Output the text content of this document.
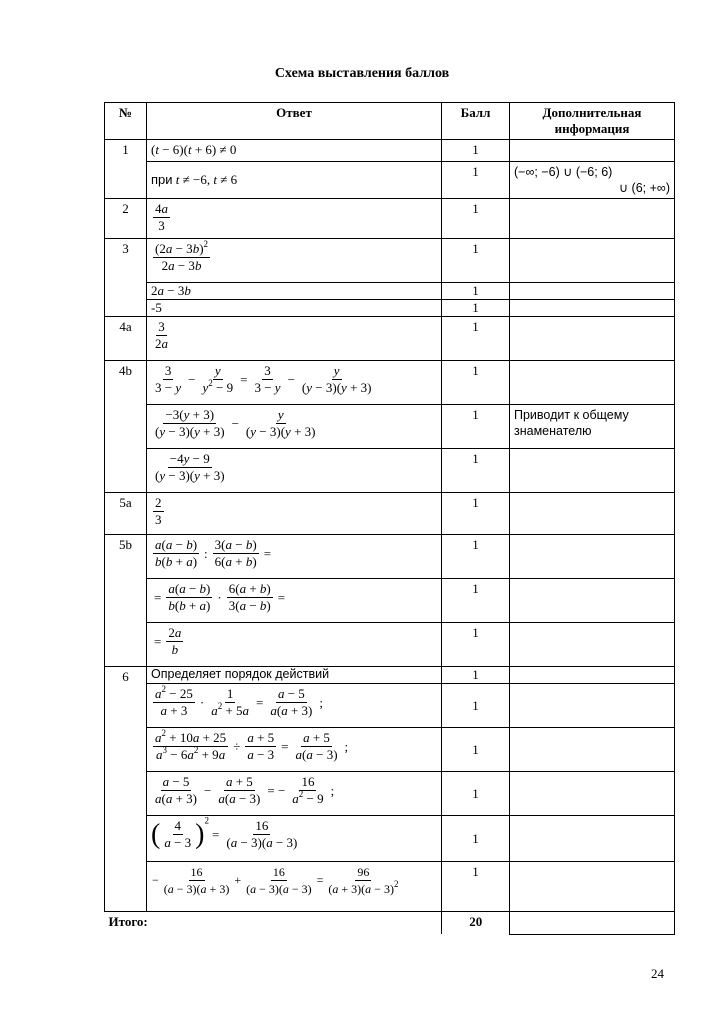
Схема выставления баллов
№	Ответ	Балл	Дополнительная информация
1	(t − 6)(t + 6) ≠ 0	1	
при t ≠ −6, t ≠ 6	1	(−∞; −6) ∪ (−6; 6)
∪ (6; +∞)

2	$\frac{4a}{3}$	1	
3	$\frac{(2a - 3b)^2}{2a - 3b}$	1	
2a − 3b	1	
-5	1	
4a	$\frac{3}{2a}$	1	
4b	$\frac{3}{3 - y} - \frac{y}{y^2 - 9} = \frac{3}{3 - y} - \frac{y}{(y - 3)(y + 3)}$	1	

$\frac{-3(y + 3)}{(y - 3)(y + 3)} - \frac{y}{(y - 3)(y + 3)}$	1	Приводит к общему знаменателю

$\frac{-4y - 9}{(y - 3)(y + 3)}$	1	
5a	$\frac{2}{3}$	1	
5b	$\frac{a(a - b)}{b(b + a)}$ : $\frac{3(a - b)}{6(a + b)}$ =	1	
= $\frac{a(a - b)}{b(b + a)} \cdot \frac{6(a + b)}{3(a - b)}$ =	1	
= $\frac{2a}{b}$	1	
6	Определяет порядок действий	1	

$\frac{a^2 - 25}{a + 3} \cdot \frac{1}{a^2 + 5a} = \frac{a - 5}{a(a + 3)}$ ;	1	

$\frac{a^2 + 10a + 25}{a^3 - 6a^2 + 9a} \div \frac{a + 5}{a - 3} = \frac{a + 5}{a(a - 3)}$ ;	1	

$\frac{a - 5}{a(a + 3)} - \frac{a + 5}{a(a - 3)}$ = − $\frac{16}{a^2 - 9}$ ;	1	
( $\frac{4}{a - 3} )^2= \frac{16}{(a - 3)(a - 3)}$	1	
− $\frac{16}{(a - 3)(a + 3)} + \frac{16}{(a - 3)(a - 3)} = \frac{96}{(a + 3)(a - 3)^2}$	1	

Итого:	20

24
